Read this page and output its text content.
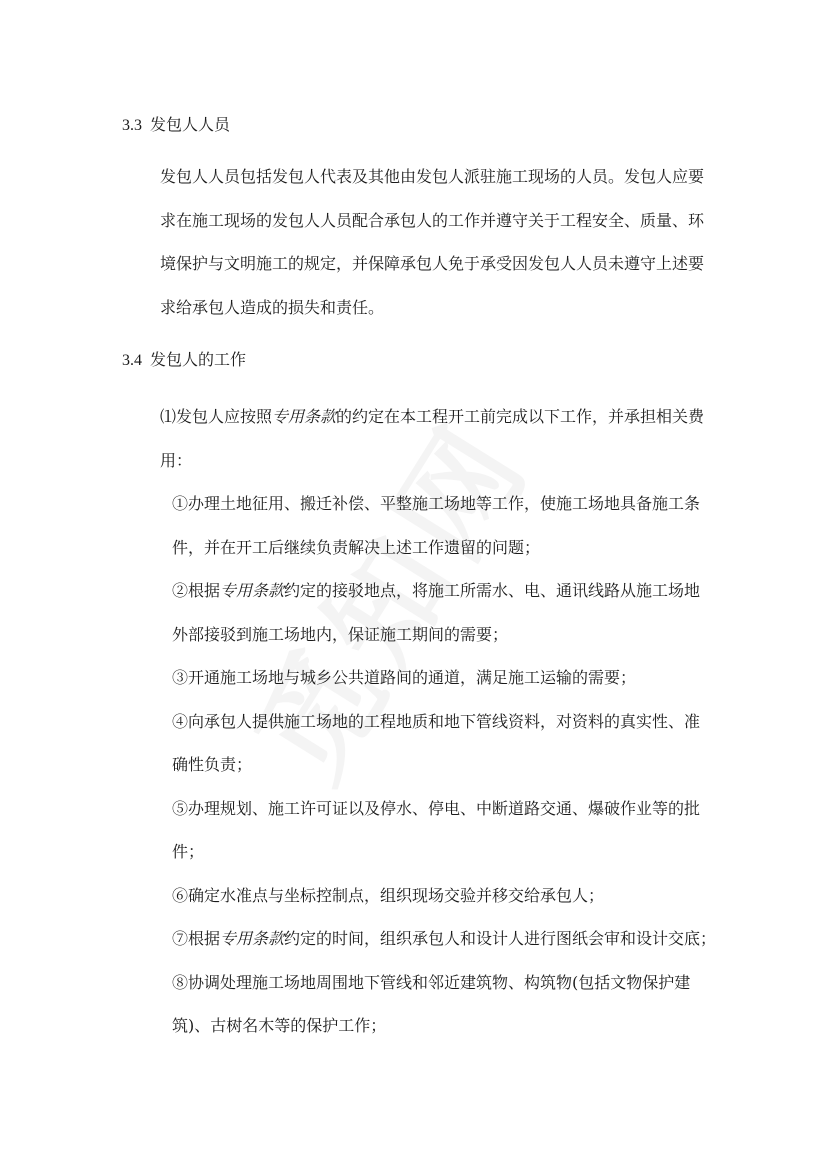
3.3 发包人人员
发包人人员包括发包人代表及其他由发包人派驻施工现场的人员。发包人应要
求在施工现场的发包人人员配合承包人的工作并遵守关于工程安全、质量、环
境保护与文明施工的规定，并保障承包人免于承受因发包人人员未遵守上述要
求给承包人造成的损失和责任。
3.4 发包人的工作
⑴发包人应按照专用条款的约定在本工程开工前完成以下工作，并承担相关费
用：
①办理土地征用、搬迁补偿、平整施工场地等工作，使施工场地具备施工条
件，并在开工后继续负责解决上述工作遗留的问题；
②根据专用条款约定的接驳地点，将施工所需水、电、通讯线路从施工场地
外部接驳到施工场地内，保证施工期间的需要；
③开通施工场地与城乡公共道路间的通道，满足施工运输的需要；
④向承包人提供施工场地的工程地质和地下管线资料，对资料的真实性、准
确性负责；
⑤办理规划、施工许可证以及停水、停电、中断道路交通、爆破作业等的批
件；
⑥确定水准点与坐标控制点，组织现场交验并移交给承包人；
⑦根据专用条款约定的时间，组织承包人和设计人进行图纸会审和设计交底；
⑧协调处理施工场地周围地下管线和邻近建筑物、构筑物(包括文物保护建
筑)、古树名木等的保护工作；
